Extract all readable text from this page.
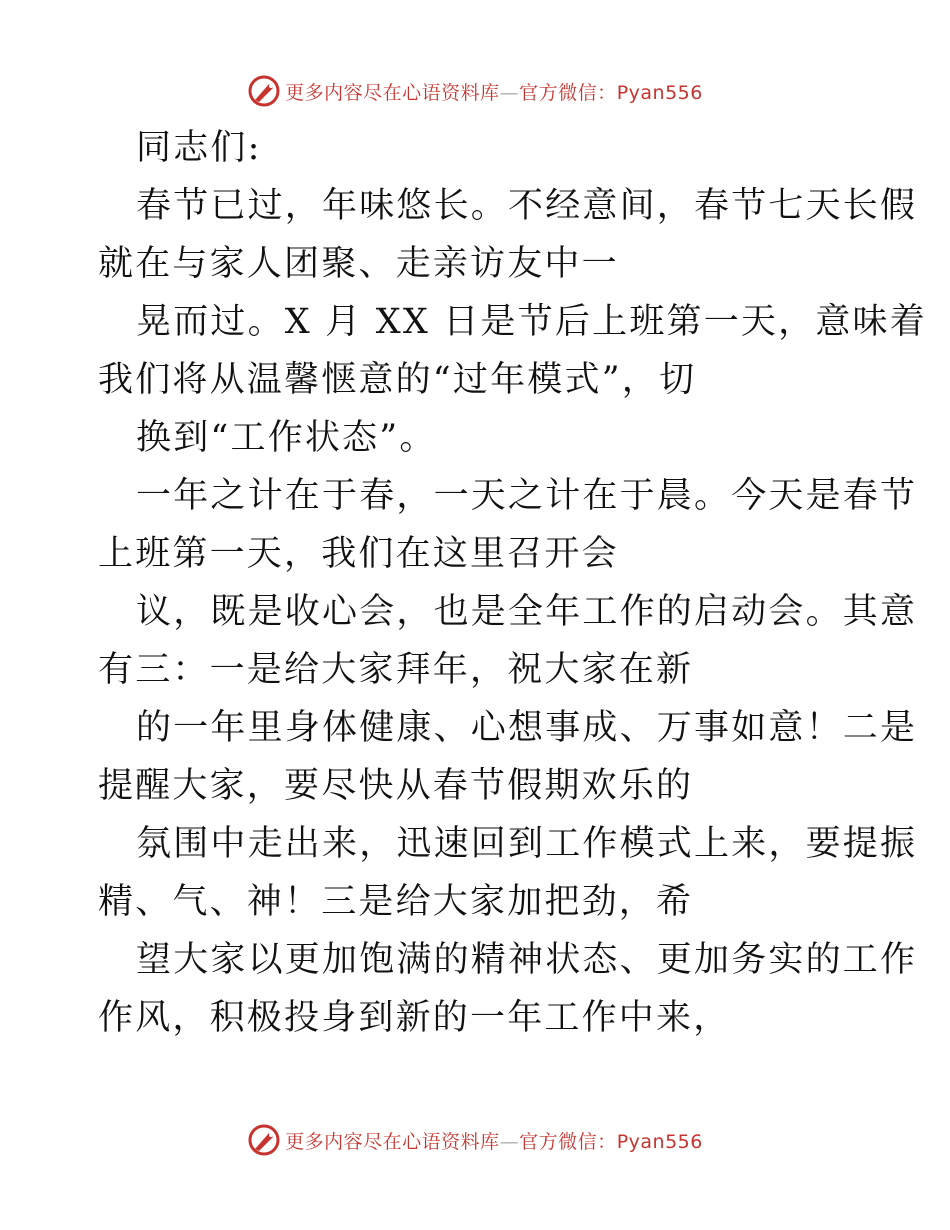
更多内容尽在心语资料库—官方微信：Pyan556
同志们:
春节已过，年味悠长。不经意间，春节七天长假
就在与家人团聚、走亲访友中一
晃而过。X 月 XX 日是节后上班第一天，意味着
我们将从温馨惬意的“过年模式”，切
换到“工作状态”。
一年之计在于春，一天之计在于晨。今天是春节
上班第一天，我们在这里召开会
议，既是收心会，也是全年工作的启动会。其意
有三：一是给大家拜年，祝大家在新
的一年里身体健康、心想事成、万事如意！二是
提醒大家，要尽快从春节假期欢乐的
氛围中走出来，迅速回到工作模式上来，要提振
精、气、神！三是给大家加把劲，希
望大家以更加饱满的精神状态、更加务实的工作
作风，积极投身到新的一年工作中来，
更多内容尽在心语资料库—官方微信：Pyan556
